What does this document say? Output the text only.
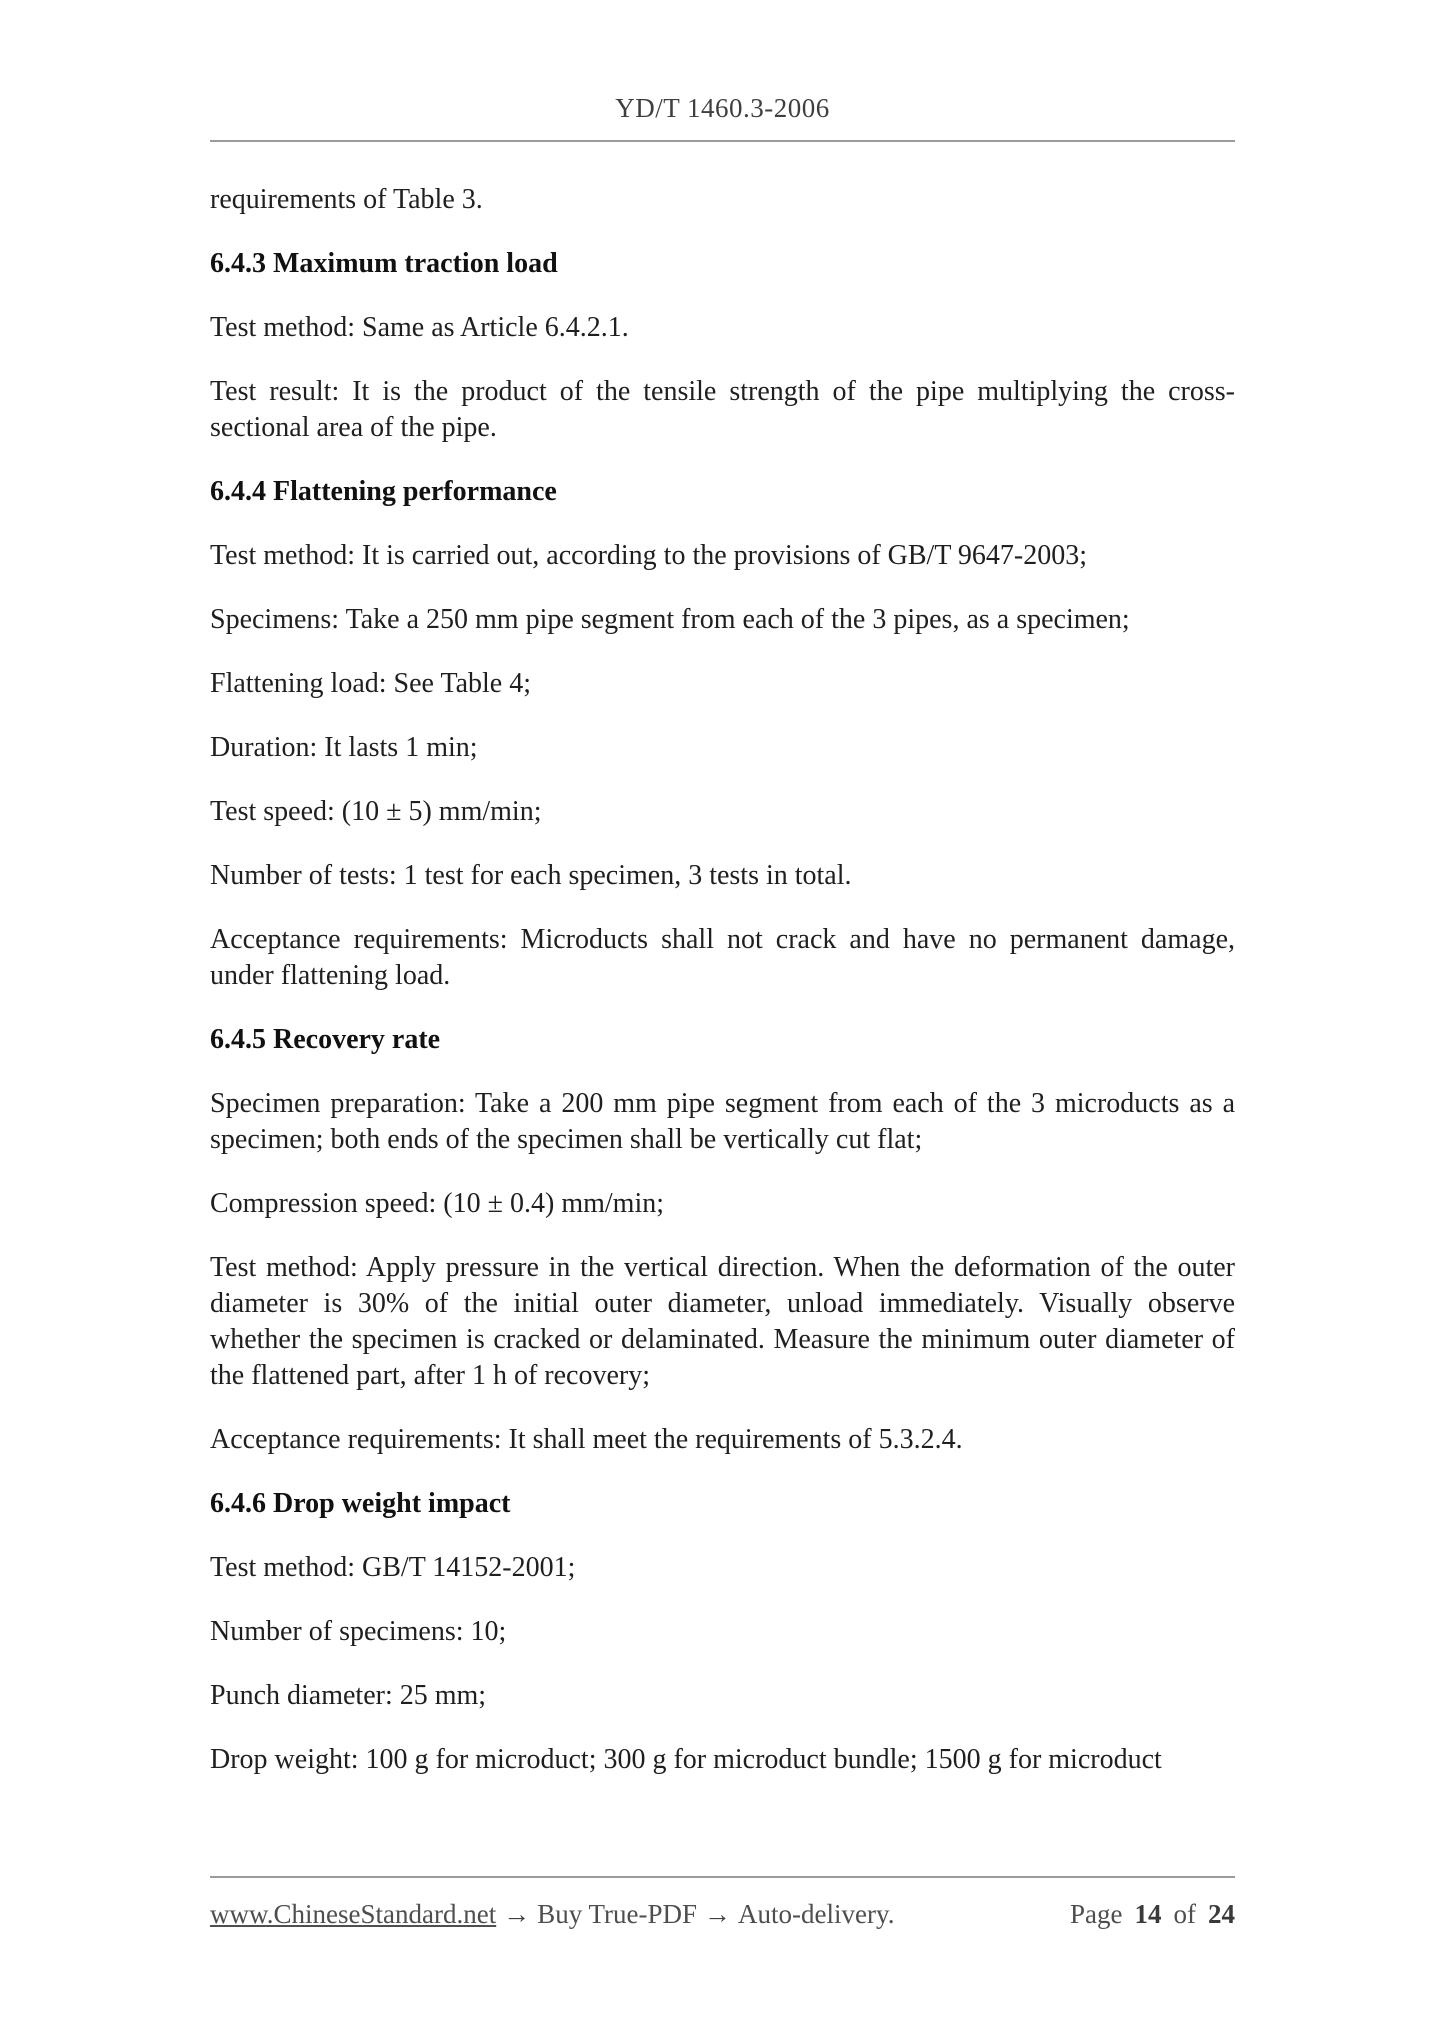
YD/T 1460.3-2006

requirements of Table 3.

6.4.3 Maximum traction load

Test method: Same as Article 6.4.2.1.

Test result: It is the product of the tensile strength of the pipe multiplying the cross-sectional area of the pipe.

6.4.4 Flattening performance

Test method: It is carried out, according to the provisions of GB/T 9647-2003;

Specimens: Take a 250 mm pipe segment from each of the 3 pipes, as a specimen;

Flattening load: See Table 4;

Duration: It lasts 1 min;

Test speed: (10 ± 5) mm/min;

Number of tests: 1 test for each specimen, 3 tests in total.

Acceptance requirements: Microducts shall not crack and have no permanent damage, under flattening load.

6.4.5 Recovery rate

Specimen preparation: Take a 200 mm pipe segment from each of the 3 microducts as a specimen; both ends of the specimen shall be vertically cut flat;

Compression speed: (10 ± 0.4) mm/min;

Test method: Apply pressure in the vertical direction. When the deformation of the outer diameter is 30% of the initial outer diameter, unload immediately. Visually observe whether the specimen is cracked or delaminated. Measure the minimum outer diameter of the flattened part, after 1 h of recovery;

Acceptance requirements: It shall meet the requirements of 5.3.2.4.

6.4.6 Drop weight impact

Test method: GB/T 14152-2001;

Number of specimens: 10;

Punch diameter: 25 mm;

Drop weight: 100 g for microduct; 300 g for microduct bundle; 1500 g for microduct

www.ChineseStandard.net → Buy True-PDF → Auto-delivery.	Page 14 of 24
